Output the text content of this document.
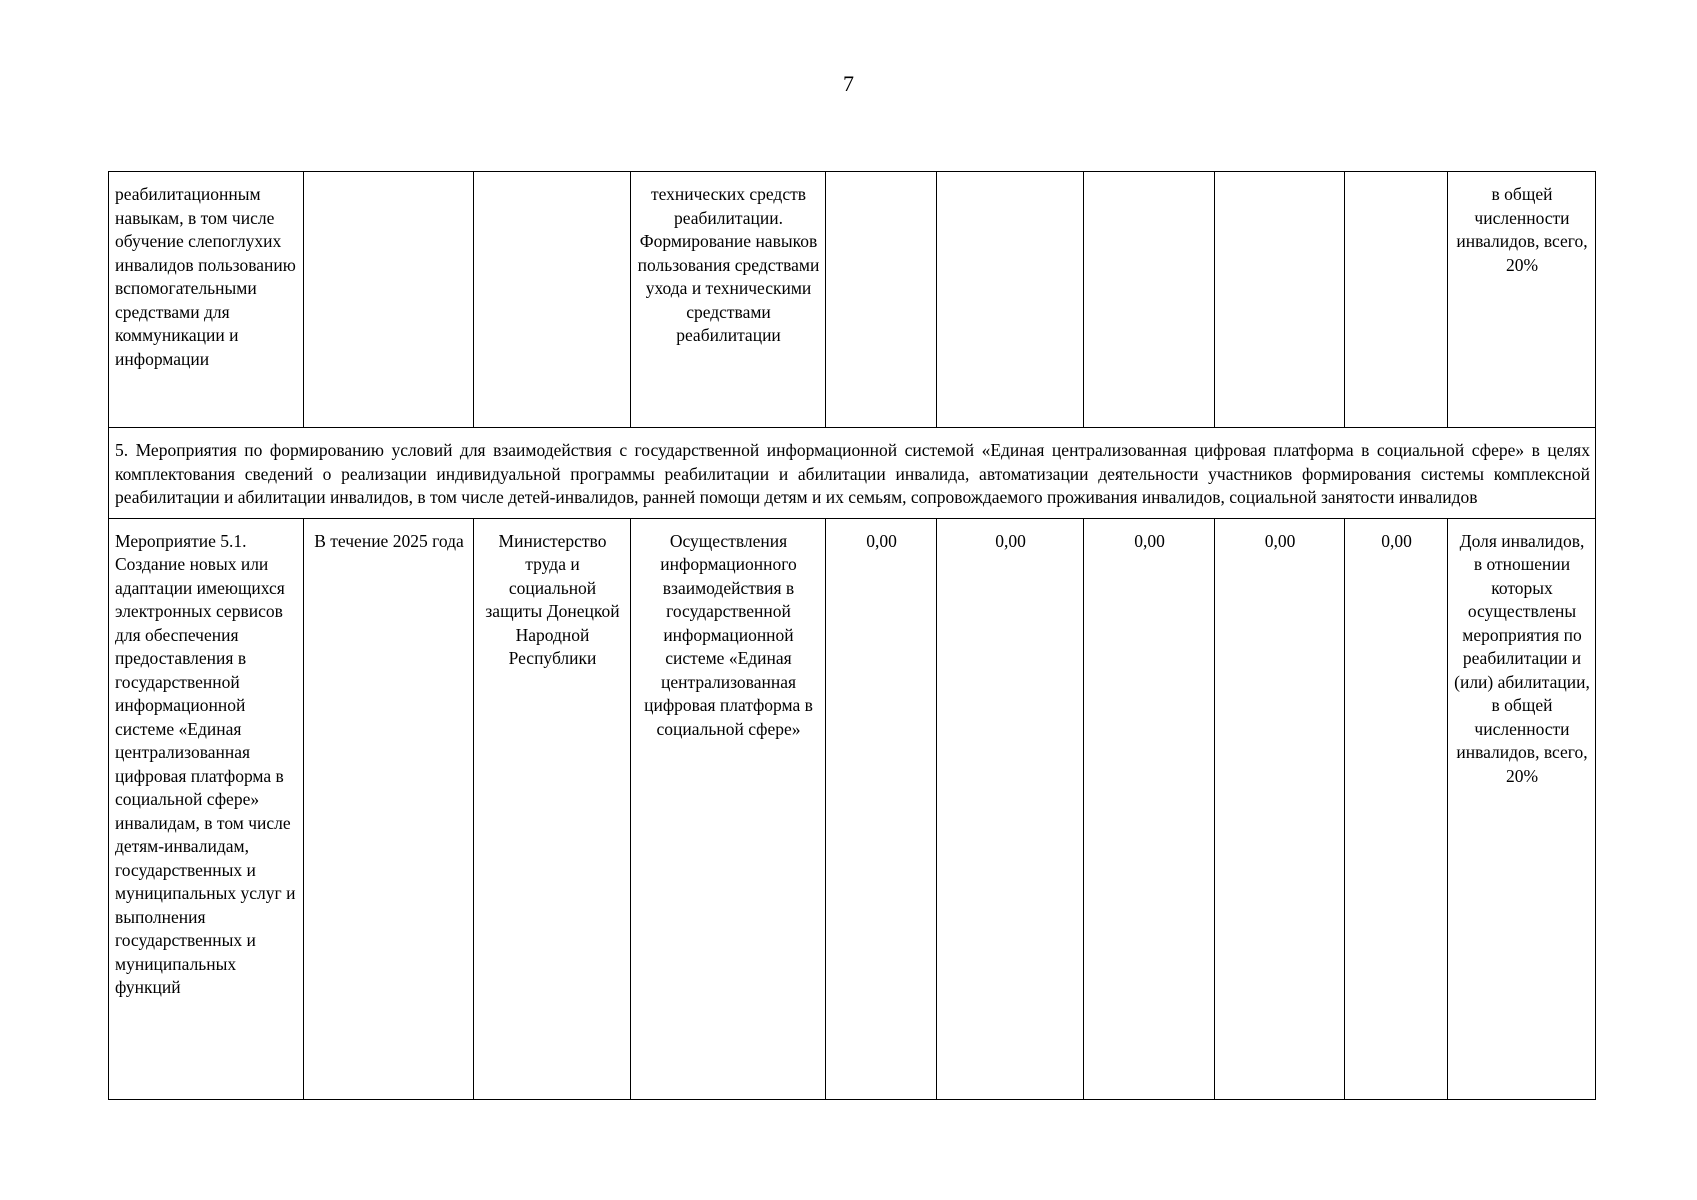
7
реабилитационным навыкам, в том числе обучение слепоглухих инвалидов пользованию вспомогательными средствами для коммуникации и информации			технических средств реабилитации. Формирование навыков пользования средствами ухода и техническими средствами реабилитации						в общей численности инвалидов, всего, 20%
5. Мероприятия по формированию условий для взаимодействия с государственной информационной системой «Единая централизованная цифровая платформа в социальной сфере» в целях комплектования сведений о реализации индивидуальной программы реабилитации и абилитации инвалида, автоматизации деятельности участников формирования системы комплексной реабилитации и абилитации инвалидов, в том числе детей-инвалидов, ранней помощи детям и их семьям, сопровождаемого проживания инвалидов, социальной занятости инвалидов									
Мероприятие 5.1. Создание новых или адаптации имеющихся электронных сервисов для обеспечения предоставления в государственной информационной системе «Единая централизованная цифровая платформа в социальной сфере» инвалидам, в том числе детям-инвалидам, государственных и муниципальных услуг и выполнения государственных и муниципальных функций	В течение 2025 года	Министерство труда и социальной защиты Донецкой Народной Республики	Осуществления информационного взаимодействия в государственной информационной системе «Единая централизованная цифровая платформа в социальной сфере»	0,00	0,00	0,00	0,00	0,00	Доля инвалидов, в отношении которых осуществлены мероприятия по реабилитации и (или) абилитации, в общей численности инвалидов, всего, 20%
